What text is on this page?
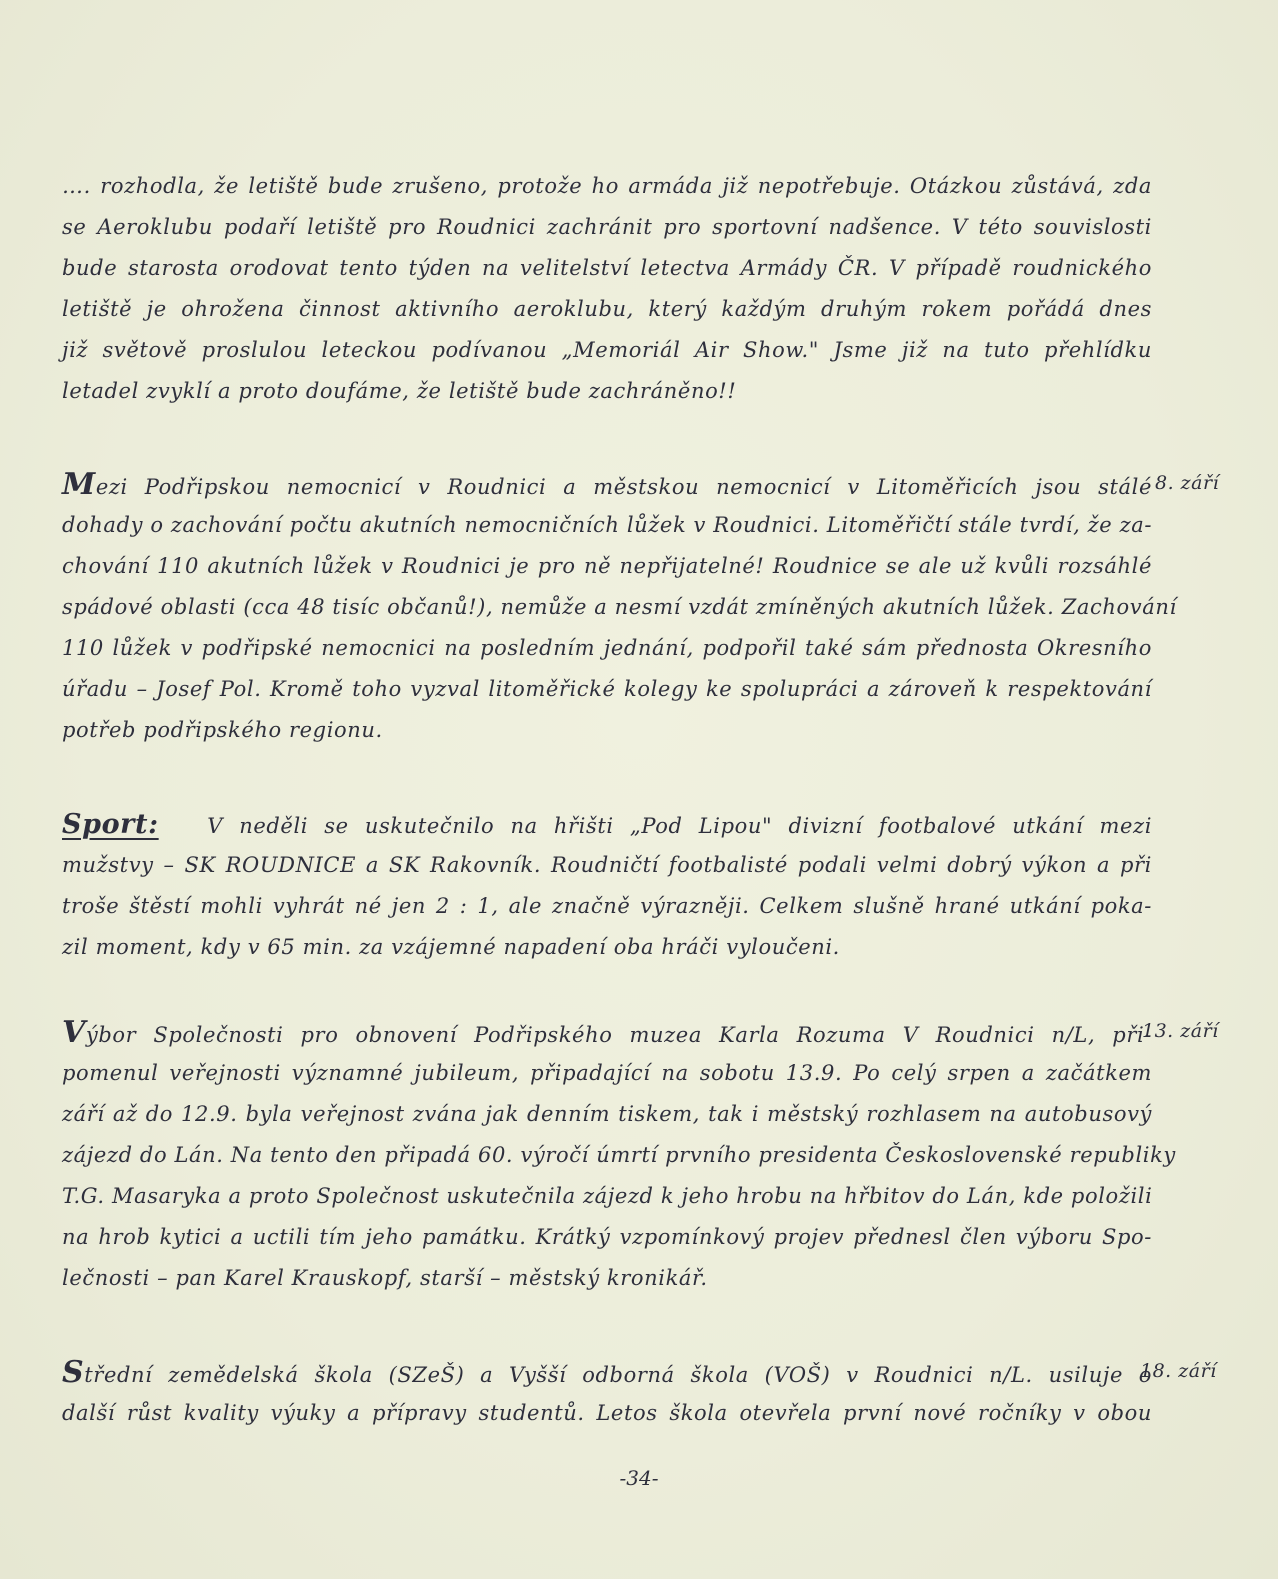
…. rozhodla, že letiště bude zrušeno, protože ho armáda již nepotřebuje. Otázkou zůstává, zda
se Aeroklubu podaří letiště pro Roudnici zachránit pro sportovní nadšence. V této souvislosti
bude starosta orodovat tento týden na velitelství letectva Armády ČR. V případě roudnického
letiště je ohrožena činnost aktivního aeroklubu, který každým druhým rokem pořádá dnes
již světově proslulou leteckou podívanou „Memoriál Air Show." Jsme již na tuto přehlídku
letadel zvyklí a proto doufáme, že letiště bude zachráněno!!
8. září
Mezi Podřipskou nemocnicí v Roudnici a městskou nemocnicí v Litoměřicích jsou stálé
dohady o zachování počtu akutních nemocničních lůžek v Roudnici. Litoměřičtí stále tvrdí, že za-
chování 110 akutních lůžek v Roudnici je pro ně nepřijatelné! Roudnice se ale už kvůli rozsáhlé
spádové oblasti (cca 48 tisíc občanů!), nemůže a nesmí vzdát zmíněných akutních lůžek. Zachování
110 lůžek v podřipské nemocnici na posledním jednání, podpořil také sám přednosta Okresního
úřadu – Josef Pol. Kromě toho vyzval litoměřické kolegy ke spolupráci a zároveň k respektování
potřeb podřipského regionu.
Sport: V neděli se uskutečnilo na hřišti „Pod Lipou" divizní footbalové utkání mezi
mužstvy – SK ROUDNICE a SK Rakovník. Roudničtí footbalisté podali velmi dobrý výkon a při
troše štěstí mohli vyhrát né jen 2 : 1, ale značně výrazněji. Celkem slušně hrané utkání poka-
zil moment, kdy v 65 min. za vzájemné napadení oba hráči vyloučeni.
13. září
Výbor Společnosti pro obnovení Podřipského muzea Karla Rozuma V Roudnici n/L, při-
pomenul veřejnosti významné jubileum, připadající na sobotu 13.9. Po celý srpen a začátkem
září až do 12.9. byla veřejnost zvána jak denním tiskem, tak i městský rozhlasem na autobusový
zájezd do Lán. Na tento den připadá 60. výročí úmrtí prvního presidenta Československé republiky
T.G. Masaryka a proto Společnost uskutečnila zájezd k jeho hrobu na hřbitov do Lán, kde položili
na hrob kytici a uctili tím jeho památku. Krátký vzpomínkový projev přednesl člen výboru Spo-
lečnosti – pan Karel Krauskopf, starší – městský kronikář.
18. září
Střední zemědelská škola (SZeŠ) a Vyšší odborná škola (VOŠ) v Roudnici n/L. usiluje o
další růst kvality výuky a přípravy studentů. Letos škola otevřela první nové ročníky v obou
-34-
